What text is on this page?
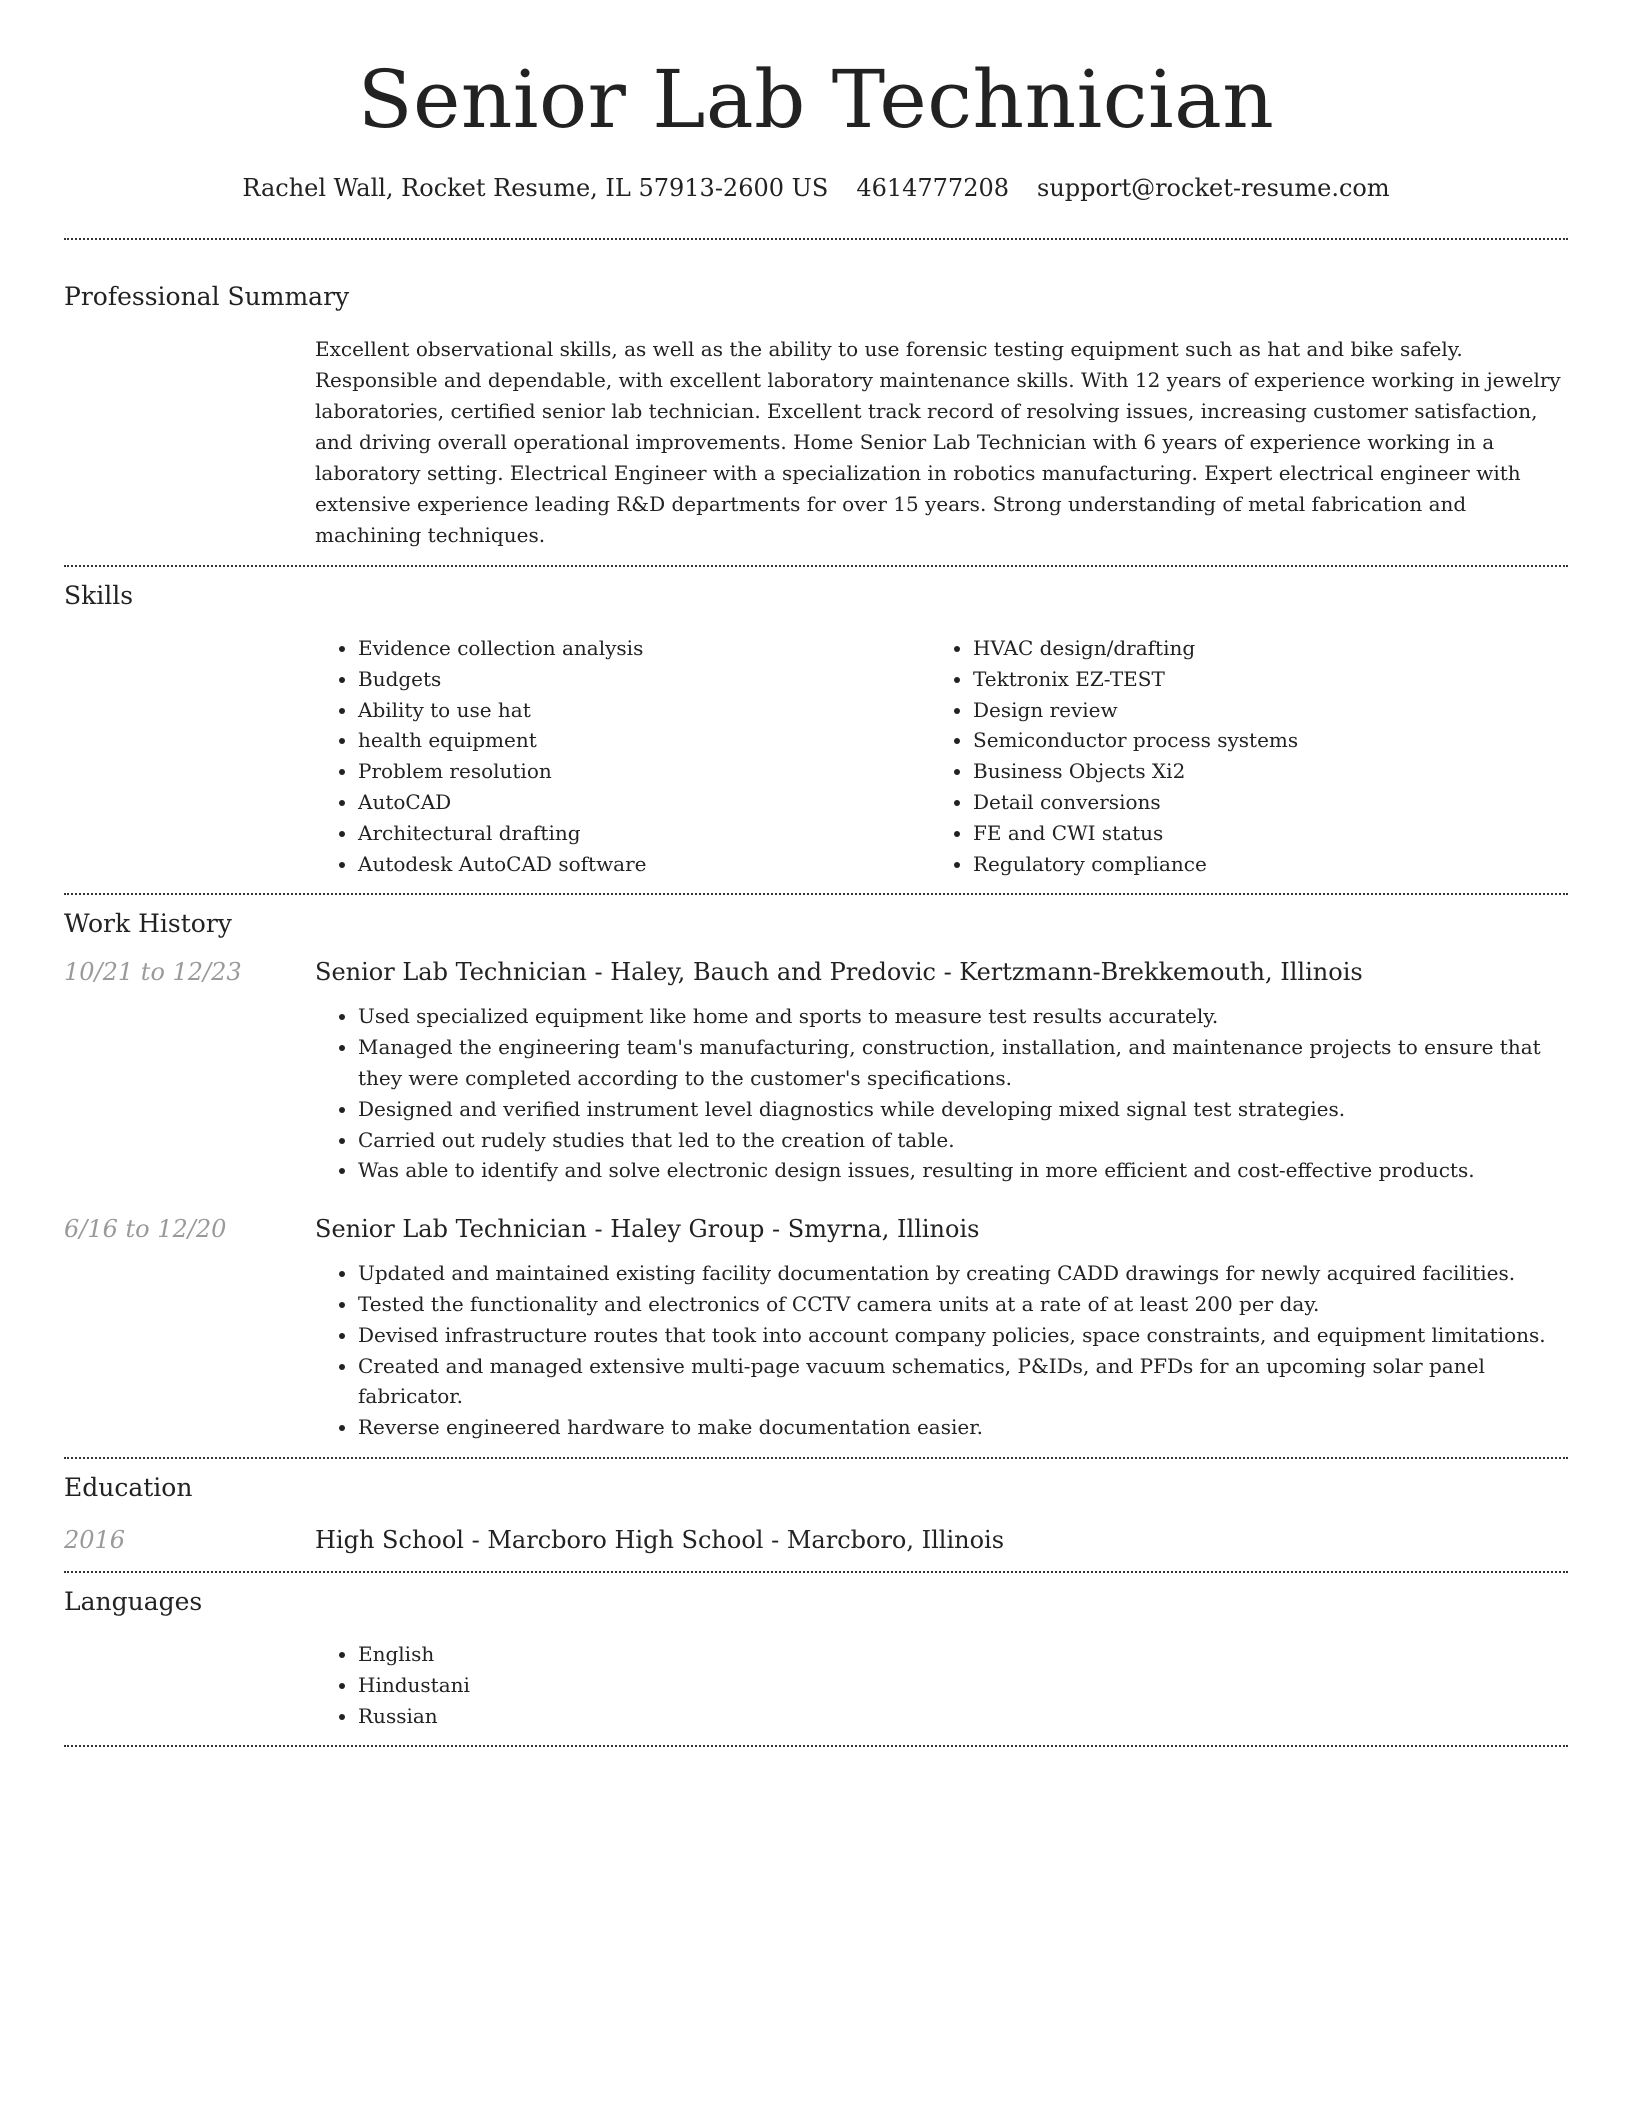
Senior Lab Technician
Rachel Wall, Rocket Resume, IL 57913-2600 US 4614777208 support@rocket-resume.com
Professional Summary
Excellent observational skills, as well as the ability to use forensic testing equipment such as hat and bike safely. Responsible and dependable, with excellent laboratory maintenance skills. With 12 years of experience working in jewelry laboratories, certified senior lab technician. Excellent track record of resolving issues, increasing customer satisfaction, and driving overall operational improvements. Home Senior Lab Technician with 6 years of experience working in a laboratory setting. Electrical Engineer with a specialization in robotics manufacturing. Expert electrical engineer with extensive experience leading R&D departments for over 15 years. Strong understanding of metal fabrication and machining techniques.
Skills
• Evidence collection analysis
• Budgets
• Ability to use hat
• health equipment
• Problem resolution
• AutoCAD
• Architectural drafting
• Autodesk AutoCAD software
• HVAC design/drafting
• Tektronix EZ-TEST
• Design review
• Semiconductor process systems
• Business Objects Xi2
• Detail conversions
• FE and CWI status
• Regulatory compliance
Work History
10/21 to 12/23	Senior Lab Technician - Haley, Bauch and Predovic - Kertzmann-Brekkemouth, Illinois
• Used specialized equipment like home and sports to measure test results accurately.
• Managed the engineering team's manufacturing, construction, installation, and maintenance projects to ensure that they were completed according to the customer's specifications.
• Designed and verified instrument level diagnostics while developing mixed signal test strategies.
• Carried out rudely studies that led to the creation of table.
• Was able to identify and solve electronic design issues, resulting in more efficient and cost-effective products.
6/16 to 12/20	Senior Lab Technician - Haley Group - Smyrna, Illinois
• Updated and maintained existing facility documentation by creating CADD drawings for newly acquired facilities.
• Tested the functionality and electronics of CCTV camera units at a rate of at least 200 per day.
• Devised infrastructure routes that took into account company policies, space constraints, and equipment limitations.
• Created and managed extensive multi-page vacuum schematics, P&IDs, and PFDs for an upcoming solar panel fabricator.
• Reverse engineered hardware to make documentation easier.
Education
2016	High School - Marcboro High School - Marcboro, Illinois
Languages
• English
• Hindustani
• Russian
